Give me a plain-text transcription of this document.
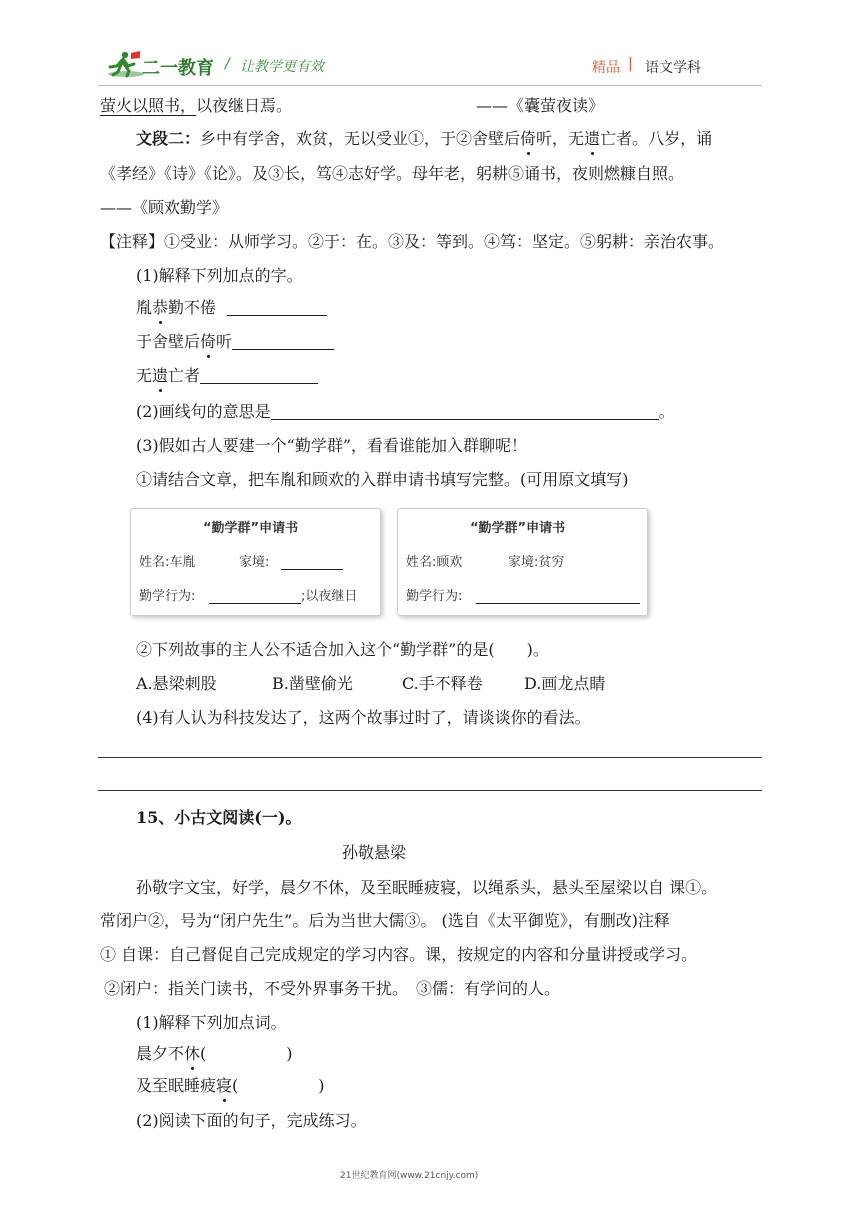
二一教育 / 让教学更有效	精品 | 语文学科
萤火以照书，以夜继日焉。	——《囊萤夜读》
文段二：乡中有学舍，欢贫，无以受业①，于②舍壁后倚听，无遗亡者。八岁，诵
《孝经》《诗》《论》。及③长，笃④志好学。母年老，躬耕⑤诵书，夜则燃糠自照。
——《顾欢勤学》
【注释】①受业：从师学习。②于：在。③及：等到。④笃：坚定。⑤躬耕：亲治农事。
(1)解释下列加点的字。
胤恭勤不倦
于舍壁后倚听
无遗亡者
(2)画线句的意思是	。
(3)假如古人要建一个“勤学群”，看看谁能加入群聊呢！
①请结合文章，把车胤和顾欢的入群申请书填写完整。(可用原文填写)
“勤学群”申请书
姓名:车胤	家境:
勤学行为:	;以夜继日
“勤学群”申请书
姓名:顾欢	家境:贫穷
勤学行为:
②下列故事的主人公不适合加入这个“勤学群”的是(　　)。
A.悬梁刺股	B.凿壁偷光	C.手不释卷	D.画龙点睛
(4)有人认为科技发达了，这两个故事过时了，请谈谈你的看法。
15、小古文阅读(一)。
孙敬悬梁
孙敬字文宝，好学，晨夕不休，及至眠睡疲寝，以绳系头，悬头至屋梁以自 课①。
常闭户②，号为“闭户先生”。后为当世大儒③。 (选自《太平御览》，有删改)注释
① 自课：自己督促自己完成规定的学习内容。课，按规定的内容和分量讲授或学习。
②闭户：指关门读书，不受外界事务干扰。　③儒：有学问的人。
(1)解释下列加点词。
晨夕不休(　　　　　)
及至眠睡疲寝(　　　　　)
(2)阅读下面的句子，完成练习。
21世纪教育网(www.21cnjy.com)
